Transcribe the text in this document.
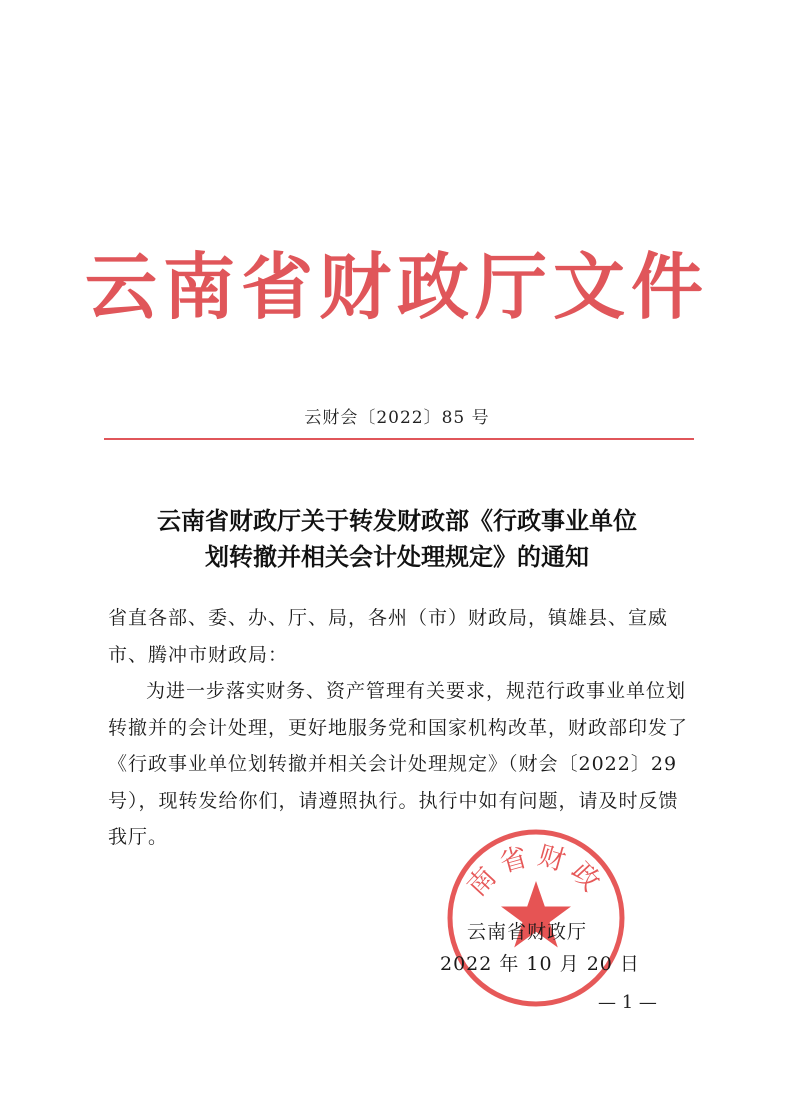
云南省财政厅文件
云财会〔2022〕85 号
云南省财政厅关于转发财政部《行政事业单位
划转撤并相关会计处理规定》的通知

省直各部、委、办、厅、局，各州（市）财政局，镇雄县、宣威市、腾冲市财政局：

为进一步落实财务、资产管理有关要求，规范行政事业单位划转撤并的会计处理，更好地服务党和国家机构改革，财政部印发了《行政事业单位划转撤并相关会计处理规定》（财会〔2022〕29 号），现转发给你们，请遵照执行。执行中如有问题，请及时反馈我厅。

南省财政
云南省财政厅
2022 年 10 月 20 日
— 1 —
